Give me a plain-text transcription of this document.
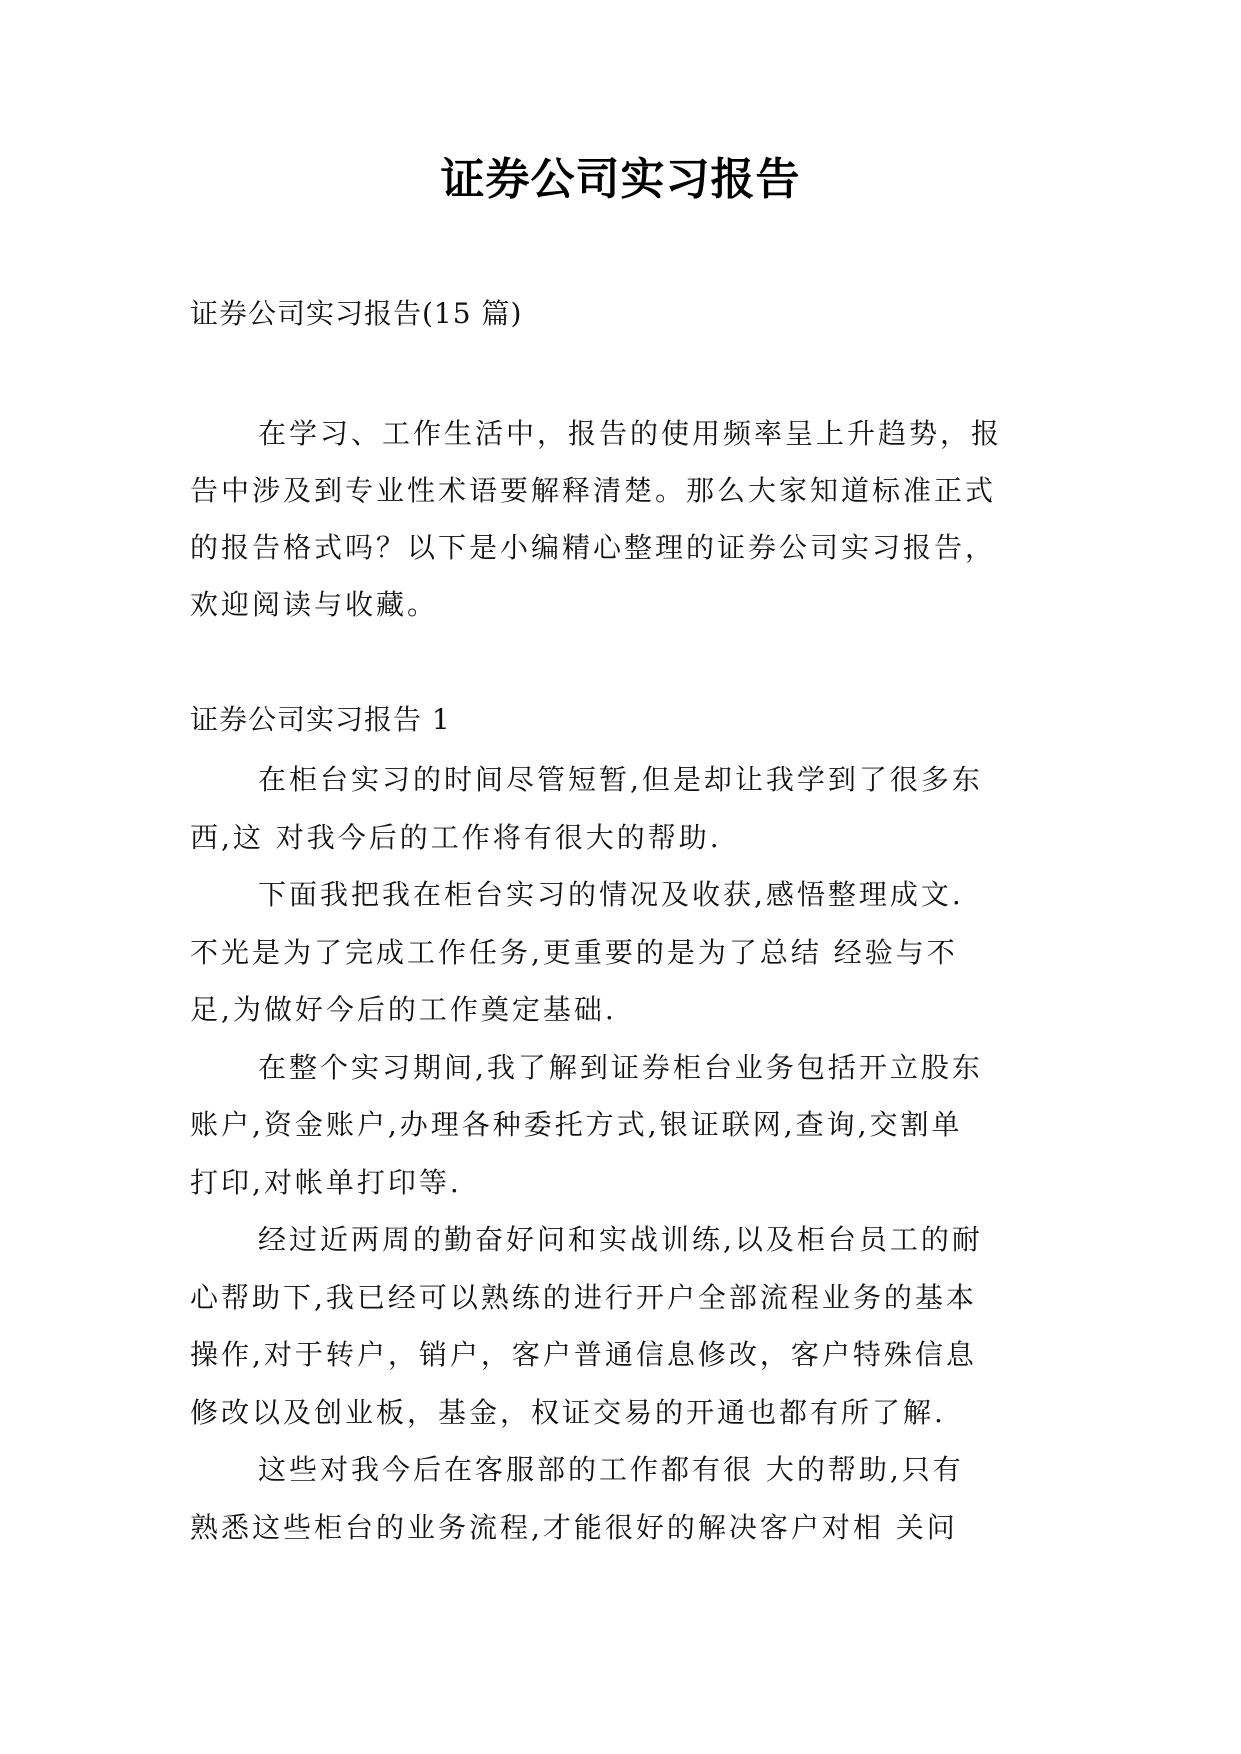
证券公司实习报告
证券公司实习报告(15 篇)
在学习、工作生活中，报告的使用频率呈上升趋势，报
告中涉及到专业性术语要解释清楚。那么大家知道标准正式
的报告格式吗？以下是小编精心整理的证券公司实习报告，
欢迎阅读与收藏。
证券公司实习报告 1
在柜台实习的时间尽管短暂,但是却让我学到了很多东
西,这 对我今后的工作将有很大的帮助.
下面我把我在柜台实习的情况及收获,感悟整理成文.
不光是为了完成工作任务,更重要的是为了总结 经验与不
足,为做好今后的工作奠定基础.
在整个实习期间,我了解到证券柜台业务包括开立股东
账户,资金账户,办理各种委托方式,银证联网,查询,交割单
打印,对帐单打印等.
经过近两周的勤奋好问和实战训练,以及柜台员工的耐
心帮助下,我已经可以熟练的进行开户全部流程业务的基本
操作,对于转户，销户，客户普通信息修改，客户特殊信息
修改以及创业板，基金，权证交易的开通也都有所了解.
这些对我今后在客服部的工作都有很 大的帮助,只有
熟悉这些柜台的业务流程,才能很好的解决客户对相 关问
